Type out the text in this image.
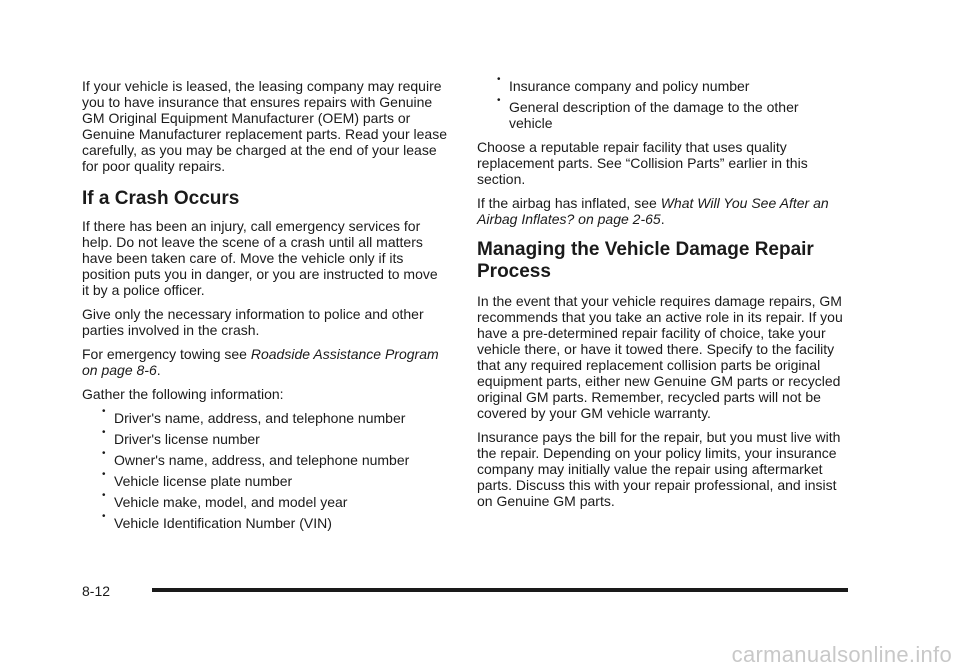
If your vehicle is leased, the leasing company may require you to have insurance that ensures repairs with Genuine GM Original Equipment Manufacturer (OEM) parts or Genuine Manufacturer replacement parts. Read your lease carefully, as you may be charged at the end of your lease for poor quality repairs.

If a Crash Occurs

If there has been an injury, call emergency services for help. Do not leave the scene of a crash until all matters have been taken care of. Move the vehicle only if its position puts you in danger, or you are instructed to move it by a police officer.

Give only the necessary information to police and other parties involved in the crash.

For emergency towing see Roadside Assistance Program on page 8‑6.

Gather the following information:

• Driver's name, address, and telephone number
• Driver's license number
• Owner's name, address, and telephone number
• Vehicle license plate number
• Vehicle make, model, and model year
• Vehicle Identification Number (VIN)
• Insurance company and policy number
• General description of the damage to the other vehicle

Choose a reputable repair facility that uses quality replacement parts. See “Collision Parts” earlier in this section.

If the airbag has inflated, see What Will You See After an Airbag Inflates? on page 2‑65.

Managing the Vehicle Damage Repair
Process

In the event that your vehicle requires damage repairs, GM recommends that you take an active role in its repair. If you have a pre-determined repair facility of choice, take your vehicle there, or have it towed there. Specify to the facility that any required replacement collision parts be original equipment parts, either new Genuine GM parts or recycled original GM parts. Remember, recycled parts will not be covered by your GM vehicle warranty.

Insurance pays the bill for the repair, but you must live with the repair. Depending on your policy limits, your insurance company may initially value the repair using aftermarket parts. Discuss this with your repair professional, and insist on Genuine GM parts.

8-12
carmanualsonline.info
